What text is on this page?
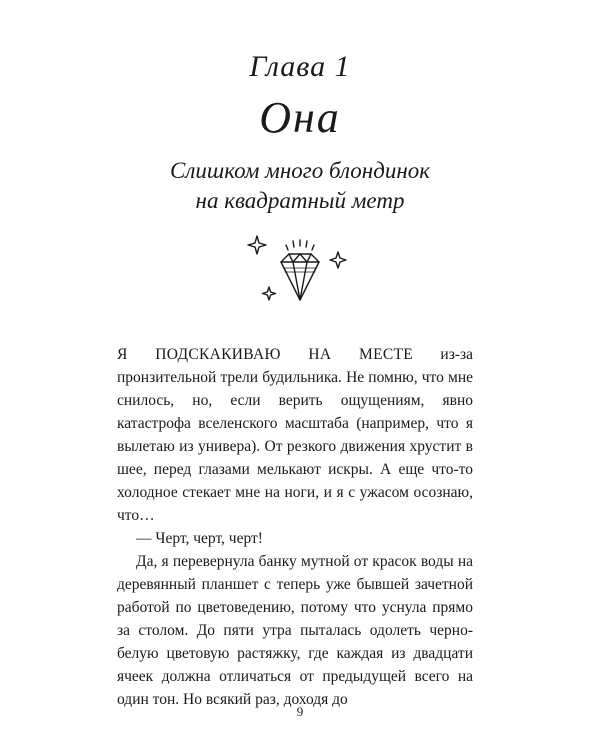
Глава 1
Она
Слишком много блондинок
на квадратный метр

Я ПОДСКАКИВАЮ НА МЕСТЕ из-за пронзительной трели будильника. Не помню, что мне снилось, но, если верить ощущениям, явно катастрофа вселенского масштаба (например, что я вылетаю из универа). От резкого движения хрустит в шее, перед глазами мелькают искры. А еще что-то холодное стекает мне на ноги, и я с ужасом осознаю, что…

— Черт, черт, черт!

Да, я перевернула банку мутной от красок воды на деревянный планшет с теперь уже бывшей зачетной работой по цветоведению, потому что уснула прямо за столом. До пяти утра пыталась одолеть черно-белую цветовую растяжку, где каждая из двадцати ячеек должна отличаться от предыдущей всего на один тон. Но всякий раз, доходя до

9
